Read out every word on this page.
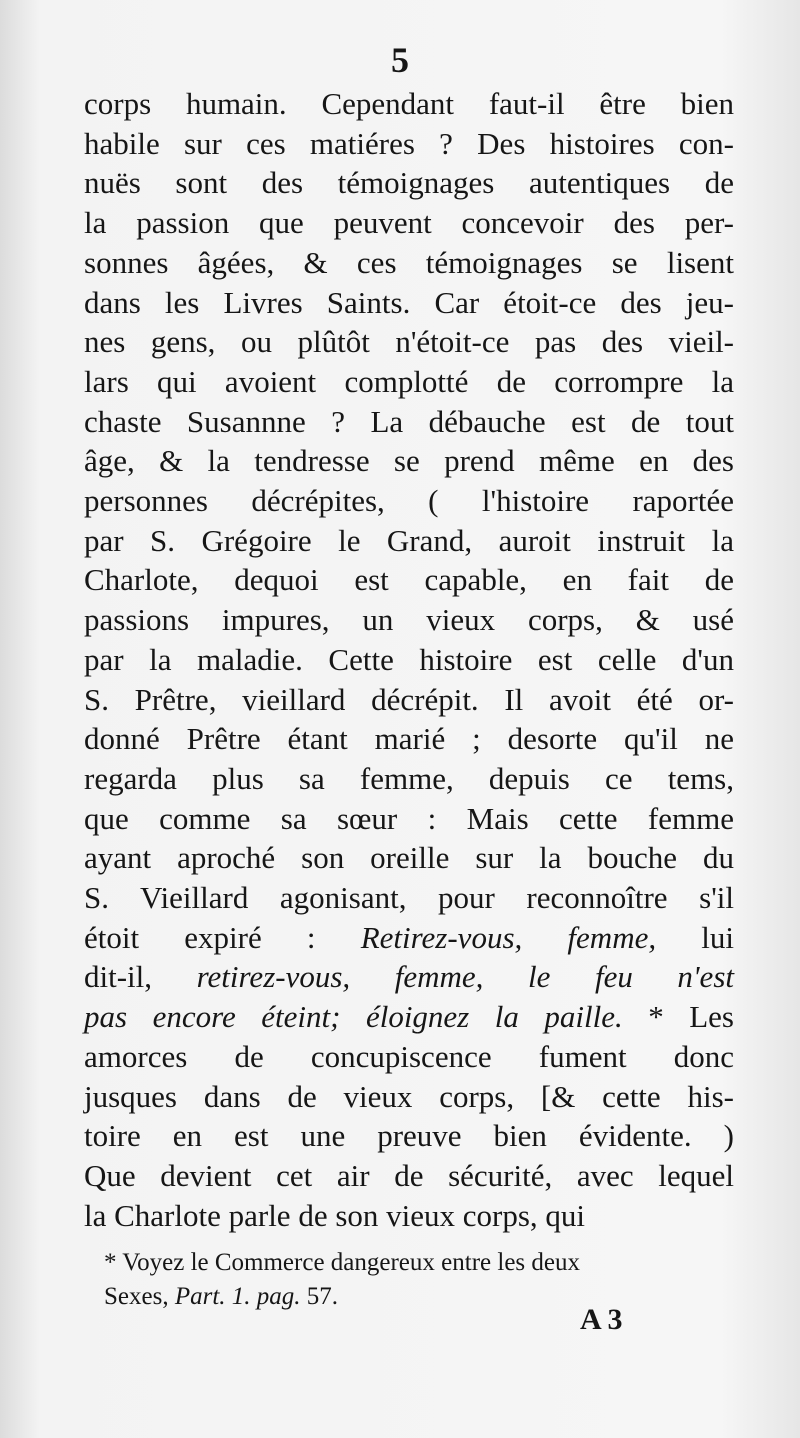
5
corps humain. Cependant faut-il être bien
habile sur ces matiéres ? Des histoires con-
nuës sont des témoignages autentiques de
la passion que peuvent concevoir des per-
sonnes âgées, & ces témoignages se lisent
dans les Livres Saints. Car étoit-ce des jeu-
nes gens, ou plûtôt n'étoit-ce pas des vieil-
lars qui avoient complotté de corrompre la
chaste Susannne ? La débauche est de tout
âge, & la tendresse se prend même en des
personnes décrépites, ( l'histoire raportée
par S. Grégoire le Grand, auroit instruit la
Charlote, dequoi est capable, en fait de
passions impures, un vieux corps, & usé
par la maladie. Cette histoire est celle d'un
S. Prêtre, vieillard décrépit. Il avoit été or-
donné Prêtre étant marié ; desorte qu'il ne
regarda plus sa femme, depuis ce tems,
que comme sa sœur : Mais cette femme
ayant aproché son oreille sur la bouche du
S. Vieillard agonisant, pour reconnoître s'il
étoit expiré : Retirez-vous, femme, lui
dit-il, retirez-vous, femme, le feu n'est
pas encore éteint; éloignez la paille. * Les
amorces de concupiscence fument donc
jusques dans de vieux corps, [& cette his-
toire en est une preuve bien évidente. )
Que devient cet air de sécurité, avec lequel
la Charlote parle de son vieux corps, qui
* Voyez le Commerce dangereux entre les deux
Sexes, Part. 1. pag. 57.
A 3
